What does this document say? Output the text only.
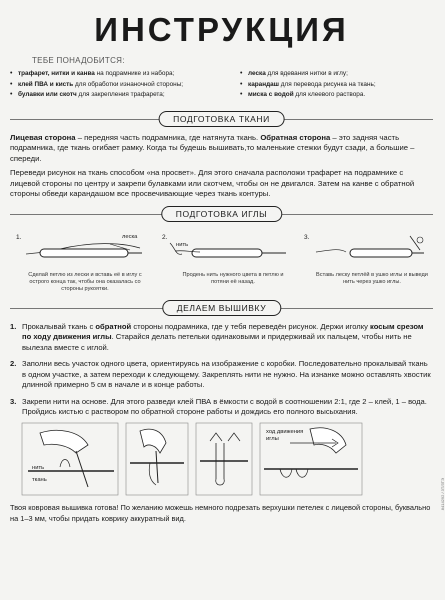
ИНСТРУКЦИЯ
ТЕБЕ ПОНАДОБИТСЯ:
• трафарет, нитки и канва на подрамнике из набора;
• клей ПВА и кисть для обработки изнаночной стороны;
• булавки или скотч для закрепления трафарета;
• леска для вдевания нитки в иглу;
• карандаш для перевода рисунка на ткань;
• миска с водой для клеевого раствора.
ПОДГОТОВКА ТКАНИ

Лицевая сторона – передняя часть подрамника, где натянута ткань. Обратная сторона – это задняя часть подрамника, где ткань огибает рамку. Когда ты будешь вышивать,то маленькие стежки будут сзади, а большие – спереди.

Переведи рисунок на ткань способом «на просвет». Для этого сначала расположи трафарет на подрамнике с лицевой стороны по центру и закрепи булавками или скотчем, чтобы он не двигался. Затем на канве с обратной стороны обведи карандашом все просвечивающие через ткань контуры.

ПОДГОТОВКА ИГЛЫ
1.	2.	3.
леска
нить
Сделай петлю из лески и вставь её в иглу с острого конца так, чтобы она оказалась со стороны рукоятки.
Продень нить нужного цвета в петлю и потяни её назад.
Вставь леску петлёй в ушко иглы и выведи нить через ушко иглы.
ДЕЛАЕМ ВЫШИВКУ
1. Прокалывай ткань с обратной стороны подрамника, где у тебя переведён рисунок. Держи иголку косым срезом по ходу движения иглы. Старайся делать петельки одинаковыми и придерживай их пальцем, чтобы нить не вылезла вместе с иглой.
2. Заполни весь участок одного цвета, ориентируясь на изображение с коробки. Последовательно прокалывай ткань в одном участке, а затем переходи к следующему. Закреплять нити не нужно. На изнанке можно оставлять хвостик длинной примерно 5 см в начале и в конце работы.
3. Закрепи нити на основе. Для этого разведи клей ПВА в ёмкости с водой в соотношении 2:1, где 2 – клей, 1 – вода. Пройдись кистью с раствором по обратной стороне работы и дождись его полного высыхания.
нить
ткань
ход движения иглы
8414292 / 3Т/3ТЭ

Твоя ковровая вышивка готова! По желанию можешь немного подрезать верхушки петелек с лицевой стороны, буквально на 1–3 мм, чтобы придать коврику аккуратный вид.
